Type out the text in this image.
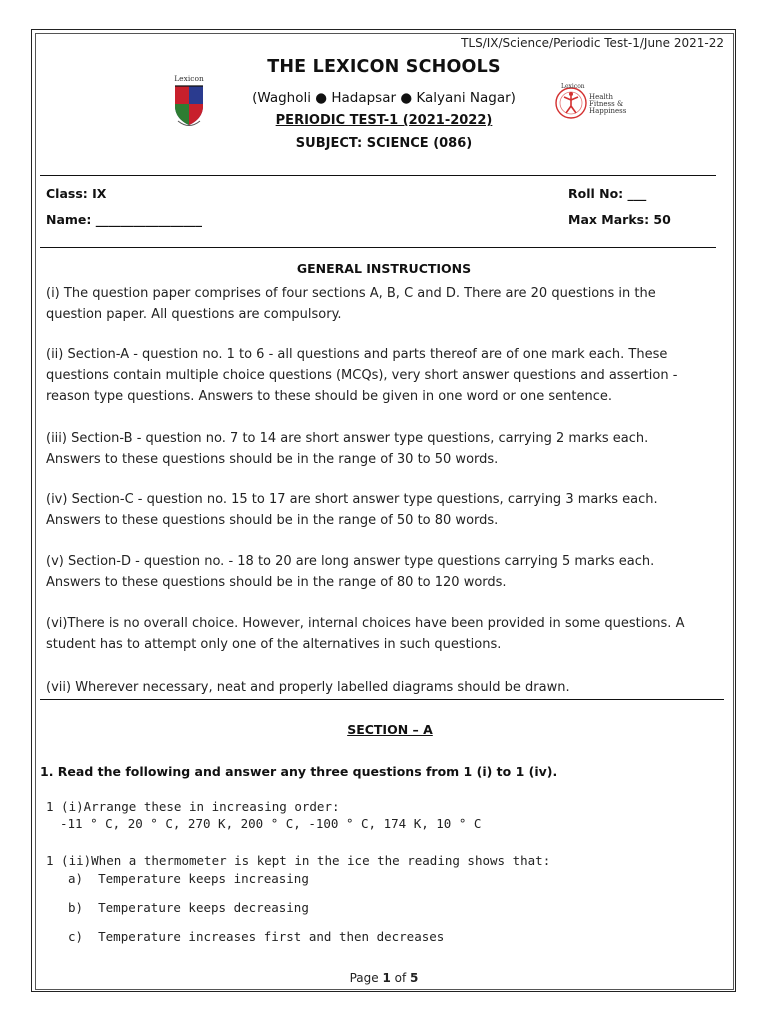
TLS/IX/Science/Periodic Test-1/June 2021-22
THE LEXICON SCHOOLS
(Wagholi ● Hadapsar ● Kalyani Nagar)
PERIODIC TEST-1 (2021-2022)
SUBJECT: SCIENCE (086)
Lexicon
Lexicon
Health
Fitness &
Happiness
Class: IX	Roll No: ___
Name: _________________	Max Marks: 50
GENERAL INSTRUCTIONS

(i) The question paper comprises of four sections A, B, C and D. There are 20 questions in the

question paper. All questions are compulsory.

(ii) Section-A - question no. 1 to 6 - all questions and parts thereof are of one mark each. These

questions contain multiple choice questions (MCQs), very short answer questions and assertion -

reason type questions. Answers to these should be given in one word or one sentence.

(iii) Section-B - question no. 7 to 14 are short answer type questions, carrying 2 marks each.

Answers to these questions should be in the range of 30 to 50 words.

(iv) Section-C - question no. 15 to 17 are short answer type questions, carrying 3 marks each.

Answers to these questions should be in the range of 50 to 80 words.

(v) Section-D - question no. - 18 to 20 are long answer type questions carrying 5 marks each.

Answers to these questions should be in the range of 80 to 120 words.

(vi)There is no overall choice. However, internal choices have been provided in some questions. A

student has to attempt only one of the alternatives in such questions.

(vii) Wherever necessary, neat and properly labelled diagrams should be drawn.

SECTION – A
1. Read the following and answer any three questions from 1 (i) to 1 (iv).
1 (i)Arrange these in increasing order:
-11 ° C, 20 ° C, 270 K, 200 ° C, -100 ° C, 174 K, 10 ° C
1 (ii)When a thermometer is kept in the ice the reading shows that:
a) Temperature keeps increasing
b) Temperature keeps decreasing
c) Temperature increases first and then decreases
Page 1 of 5
